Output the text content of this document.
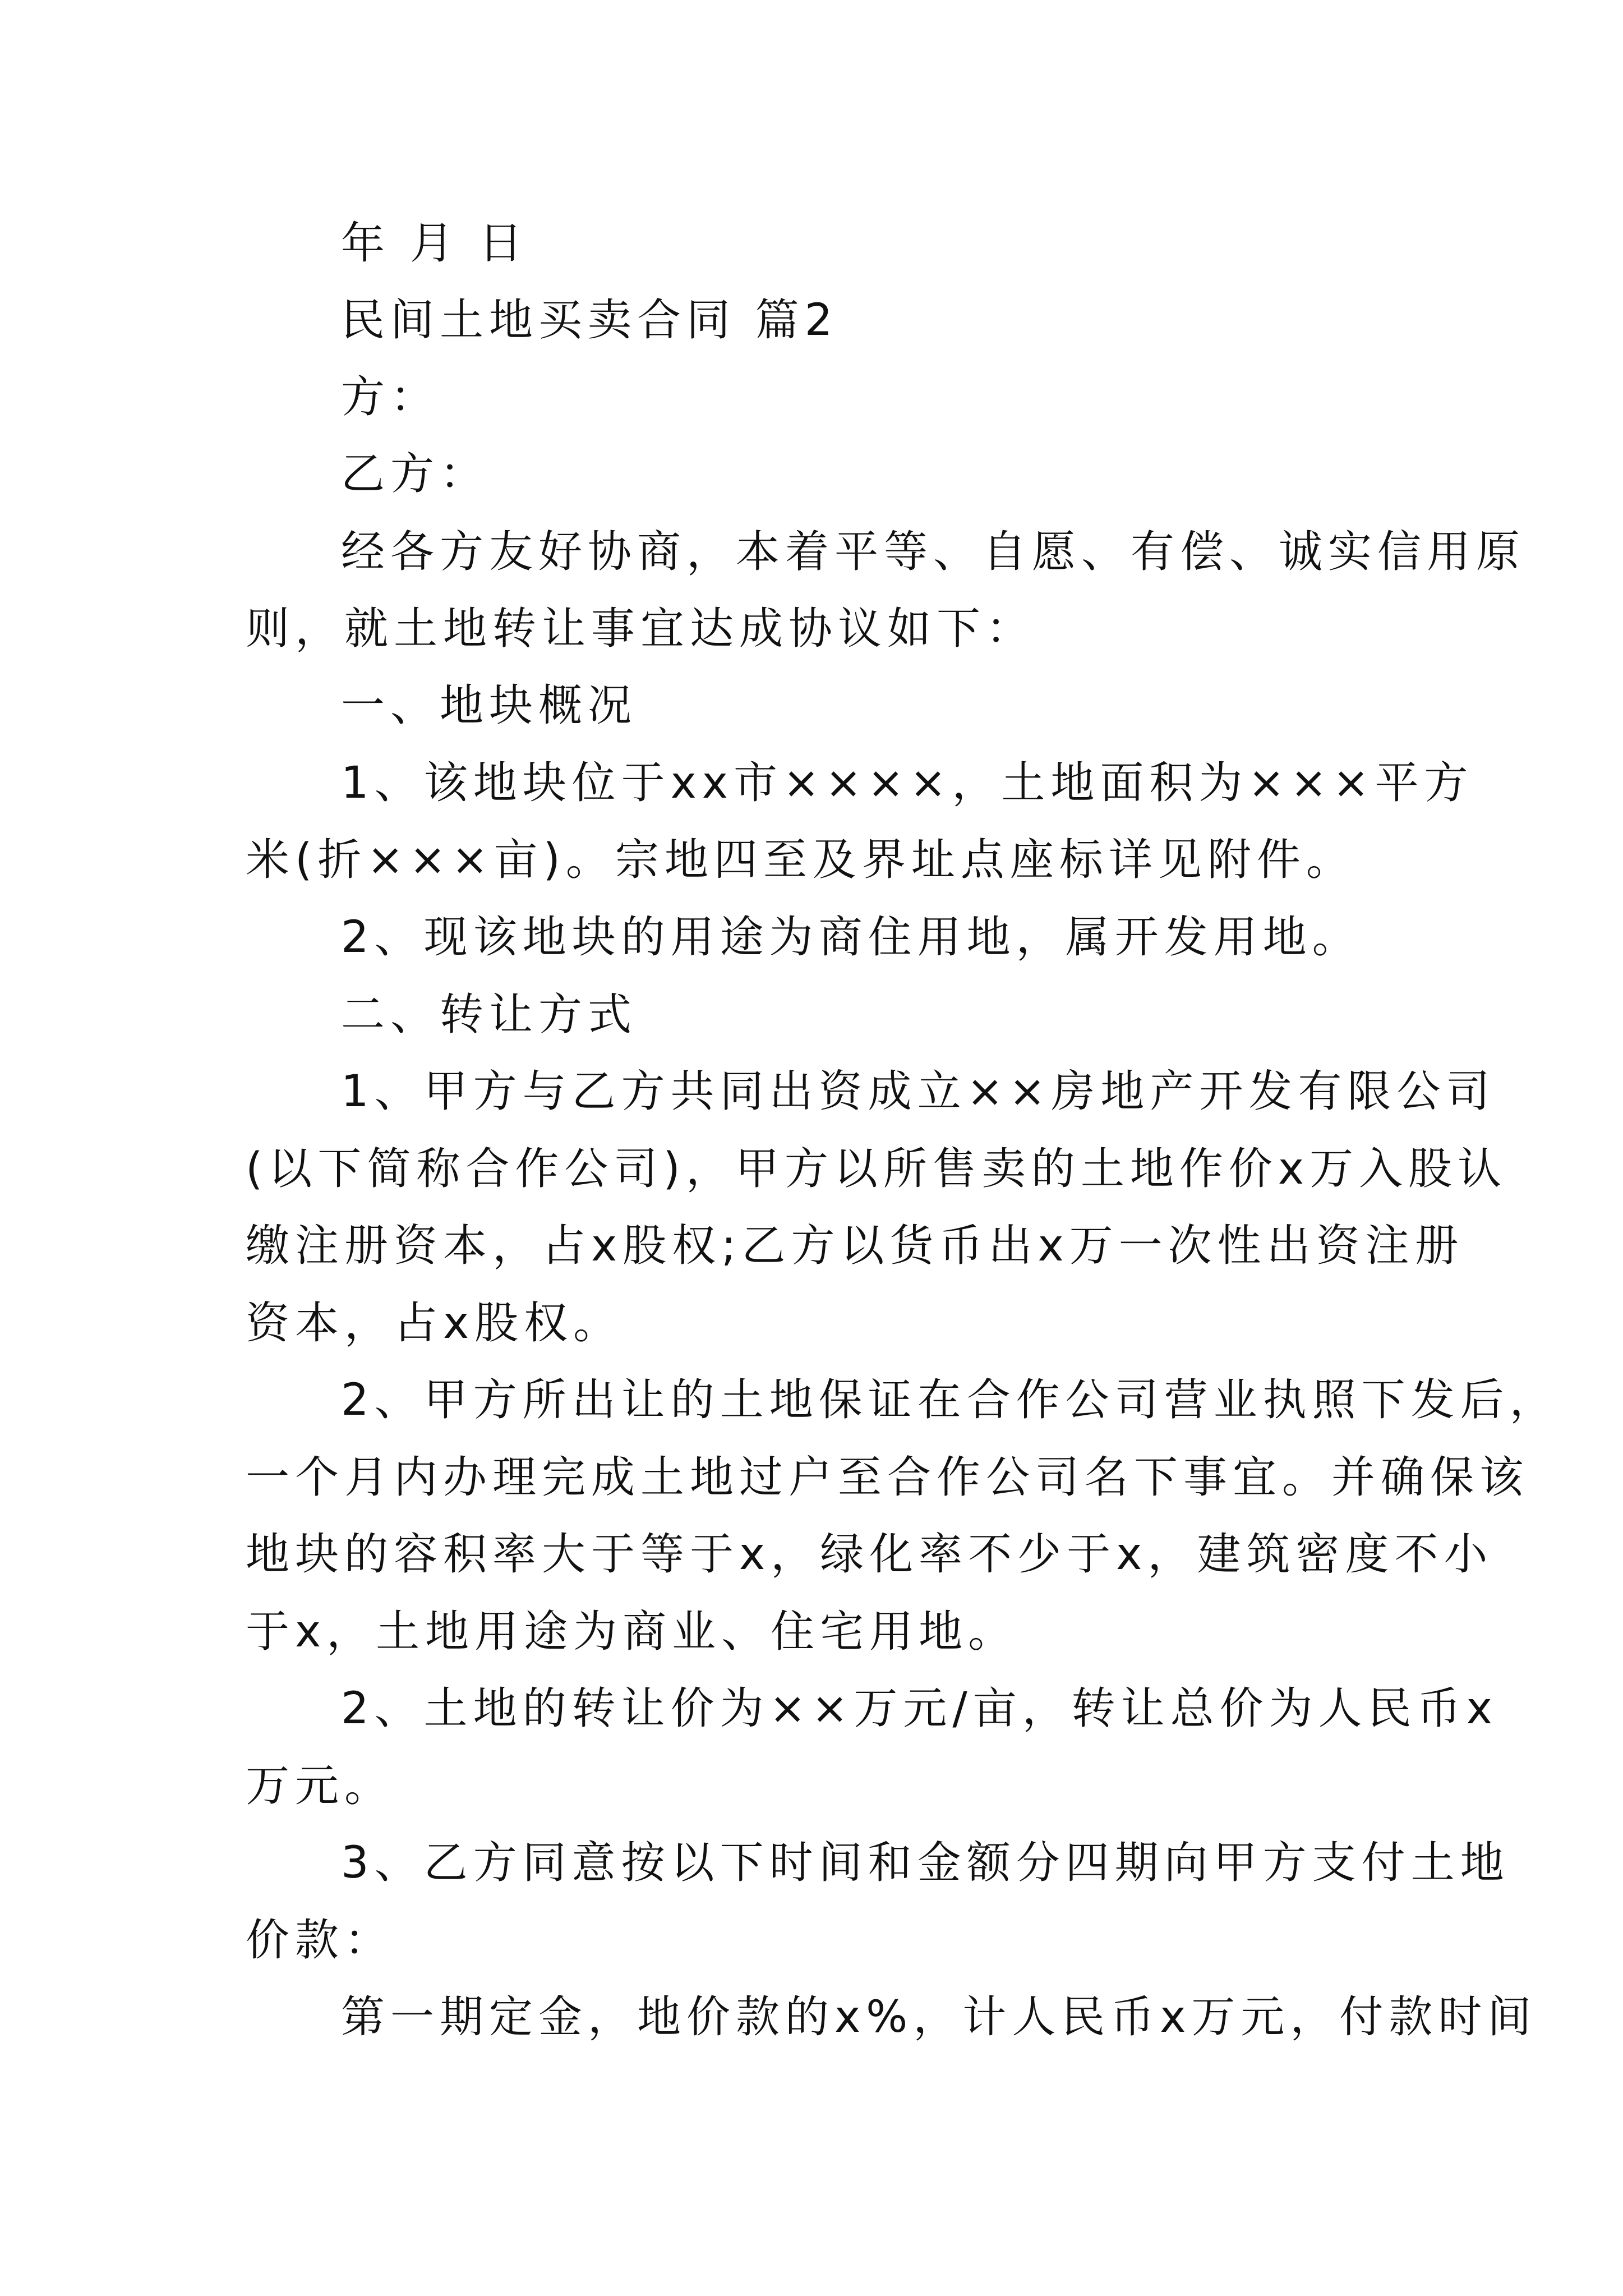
年 月 日
民间土地买卖合同 篇2
方：
乙方：
经各方友好协商，本着平等、自愿、有偿、诚实信用原
则，就土地转让事宜达成协议如下：
一、地块概况
1、该地块位于xx市××××，土地面积为×××平方
米(折×××亩)。宗地四至及界址点座标详见附件。
2、现该地块的用途为商住用地，属开发用地。
二、转让方式
1、甲方与乙方共同出资成立××房地产开发有限公司
(以下简称合作公司)，甲方以所售卖的土地作价x万入股认
缴注册资本，占x股权;乙方以货币出x万一次性出资注册
资本，占x股权。
2、甲方所出让的土地保证在合作公司营业执照下发后，
一个月内办理完成土地过户至合作公司名下事宜。并确保该
地块的容积率大于等于x，绿化率不少于x，建筑密度不小
于x，土地用途为商业、住宅用地。
2、土地的转让价为××万元/亩，转让总价为人民币x
万元。
3、乙方同意按以下时间和金额分四期向甲方支付土地
价款：
第一期定金，地价款的x%，计人民币x万元，付款时间
